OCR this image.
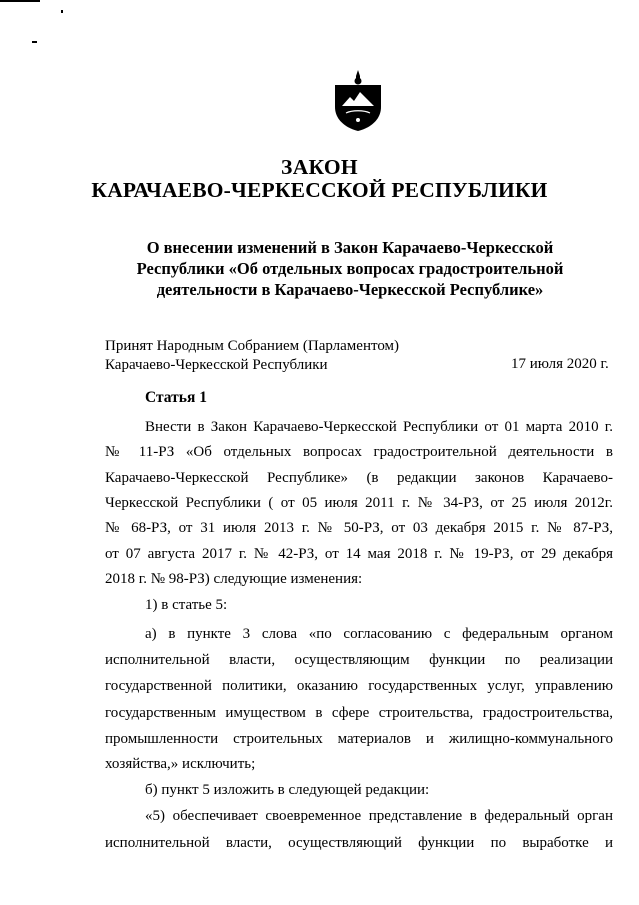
ЗАКОН
КАРАЧАЕВО-ЧЕРКЕССКОЙ РЕСПУБЛИКИ
О внесении изменений в Закон Карачаево-Черкесской
Республики «Об отдельных вопросах градостроительной
деятельности в Карачаево-Черкесской Республике»
Принят Народным Собранием (Парламентом)
Карачаево-Черкесской Республики	17 июля 2020 г.
Статья 1
Внести в Закон Карачаево-Черкесской Республики от 01 марта 2010 г.
№ 11-РЗ «Об отдельных вопросах градостроительной деятельности в
Карачаево-Черкесской Республике» (в редакции законов Карачаево-
Черкесской Республики ( от 05 июля 2011 г. № 34-РЗ, от 25 июля 2012г.
№ 68-РЗ, от 31 июля 2013 г. № 50-РЗ, от 03 декабря 2015 г. № 87-РЗ,
от 07 августа 2017 г. № 42-РЗ, от 14 мая 2018 г. № 19-РЗ, от 29 декабря
2018 г. № 98-РЗ) следующие изменения:
1) в статье 5:
а) в пункте 3 слова «по согласованию с федеральным органом
исполнительной власти, осуществляющим функции по реализации
государственной политики, оказанию государственных услуг, управлению
государственным имуществом в сфере строительства, градостроительства,
промышленности строительных материалов и жилищно-коммунального
хозяйства,» исключить;
б) пункт 5 изложить в следующей редакции:
«5) обеспечивает своевременное представление в федеральный орган
исполнительной власти, осуществляющий функции по выработке и
